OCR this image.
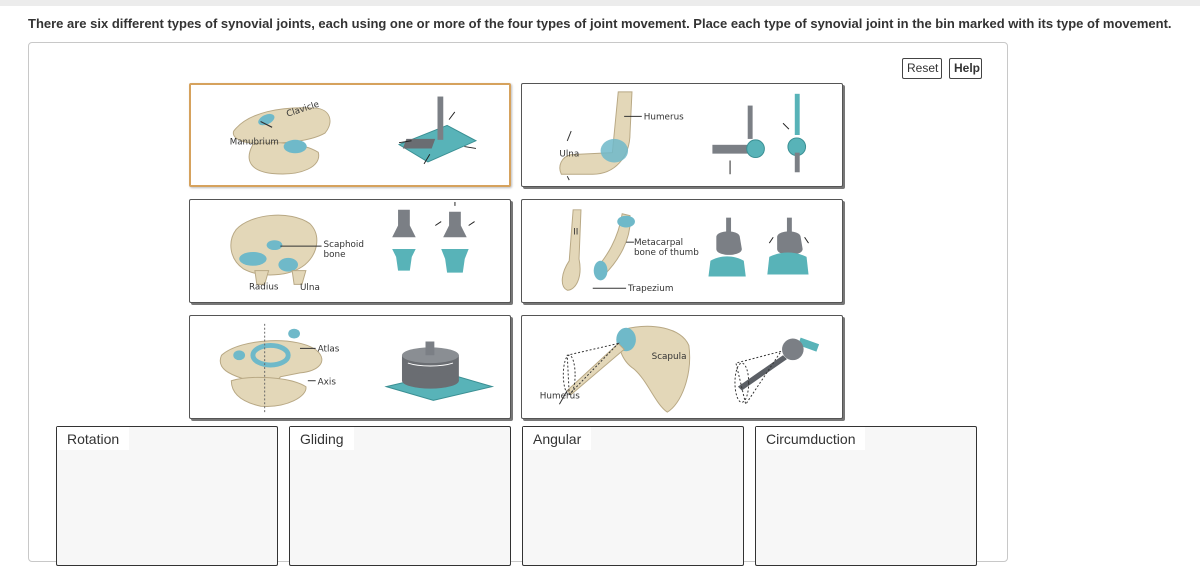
There are six different types of synovial joints, each using one or more of the four types of joint movement. Place each type of synovial joint in the bin marked with its type of movement.
Reset	Help
Clavicle
Manubrium
Humerus
Ulna
Scaphoid
bone
Radius Ulna
II
Metacarpal
bone of thumb
Trapezium
Atlas
Axis
Scapula
Humerus
Rotation	Gliding	Angular	Circumduction
